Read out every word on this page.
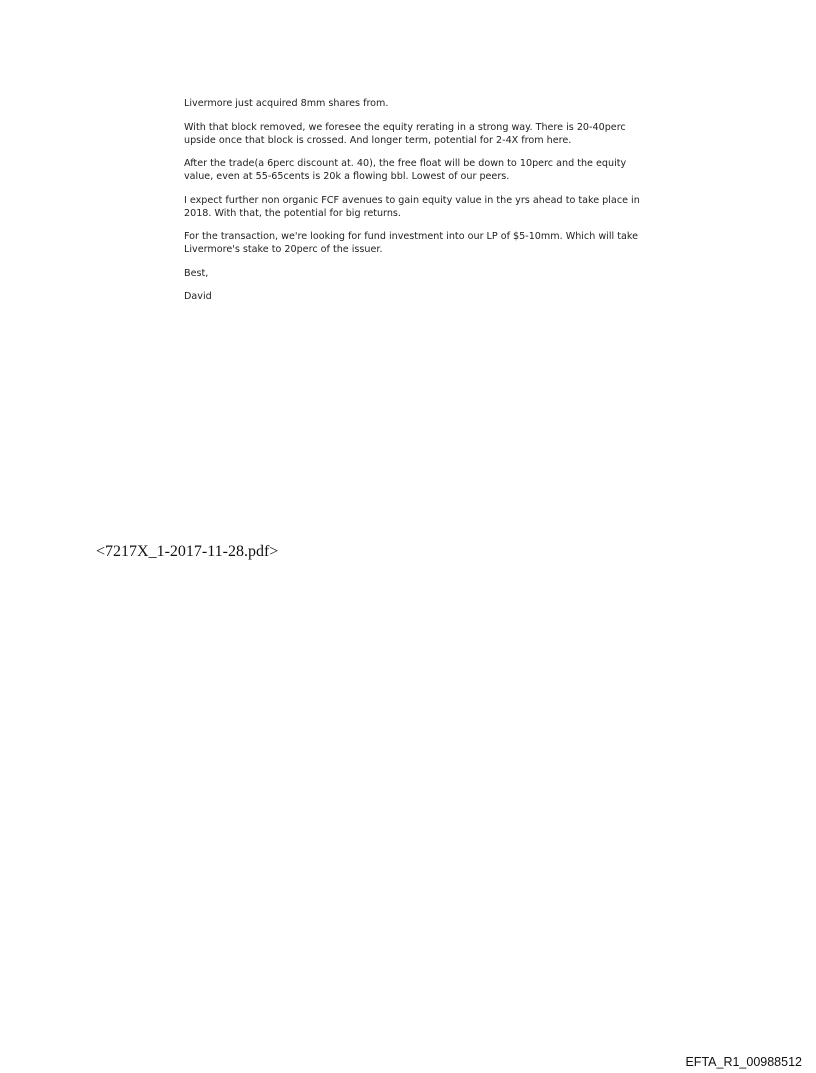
Livermore just acquired 8mm shares from.

With that block removed, we foresee the equity rerating in a strong way. There is 20-40perc upside once that block is crossed. And longer term, potential for 2-4X from here.

After the trade(a 6perc discount at. 40), the free float will be down to 10perc and the equity value, even at 55-65cents is 20k a flowing bbl. Lowest of our peers.

I expect further non organic FCF avenues to gain equity value in the yrs ahead to take place in 2018. With that, the potential for big returns.

For the transaction, we're looking for fund investment into our LP of $5-10mm. Which will take Livermore's stake to 20perc of the issuer.

Best,

David

<7217X_1-2017-11-28.pdf>
EFTA_R1_00988512
